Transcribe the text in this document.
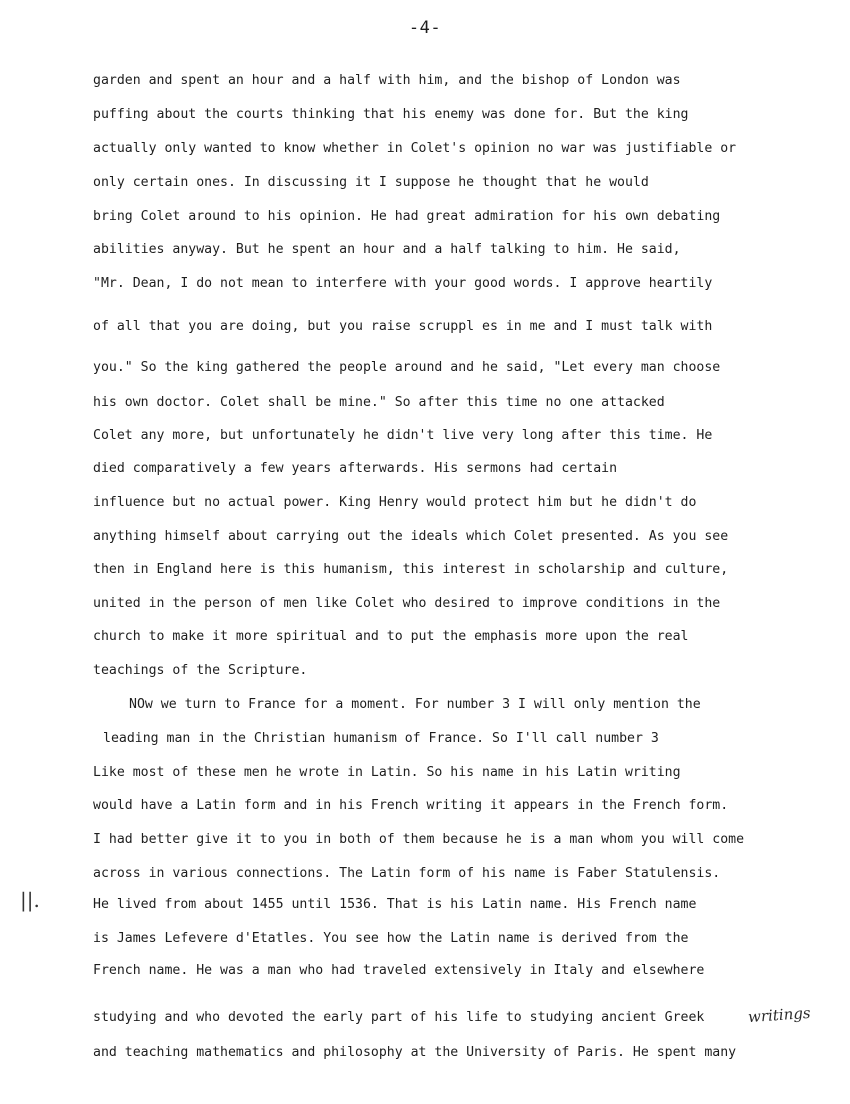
-4-
garden and spent an hour and a half with him, and the bishop of London was
puffing about the courts thinking that his enemy was done for. But the king
actually only wanted to know whether in Colet's opinion no war was justifiable or
only certain ones. In discussing it I suppose he thought that he would
bring Colet around to his opinion. He had great admiration for his own debating
abilities anyway. But he spent an hour and a half talking to him. He said,
"Mr. Dean, I do not mean to interfere with your good words. I approve heartily
of all that you are doing, but you raise scruppl es in me and I must talk with
you." So the king gathered the people around and he said, "Let every man choose
his own doctor. Colet shall be mine." So after this time no one attacked
Colet any more, but unfortunately he didn't live very long after this time. He
died comparatively a few years afterwards. His sermons had certain
influence but no actual power. King Henry would protect him but he didn't do
anything himself about carrying out the ideals which Colet presented. As you see
then in England here is this humanism, this interest in scholarship and culture,
united in the person of men like Colet who desired to improve conditions in the
church to make it more spiritual and to put the emphasis more upon the real
teachings of the Scripture.
NOw we turn to France for a moment. For number 3 I will only mention the
leading man in the Christian humanism of France. So I'll call number 3
Like most of these men he wrote in Latin. So his name in his Latin writing
would have a Latin form and in his French writing it appears in the French form.
I had better give it to you in both of them because he is a man whom you will come
across in various connections. The Latin form of his name is Faber Statulensis.
He lived from about 1455 until 1536. That is his Latin name. His French name
is James Lefevere d'Etatles. You see how the Latin name is derived from the
French name. He was a man who had traveled extensively in Italy and elsewhere
studying and who devoted the early part of his life to studying ancient Greek
and teaching mathematics and philosophy at the University of Paris. He spent many
||.
writings
